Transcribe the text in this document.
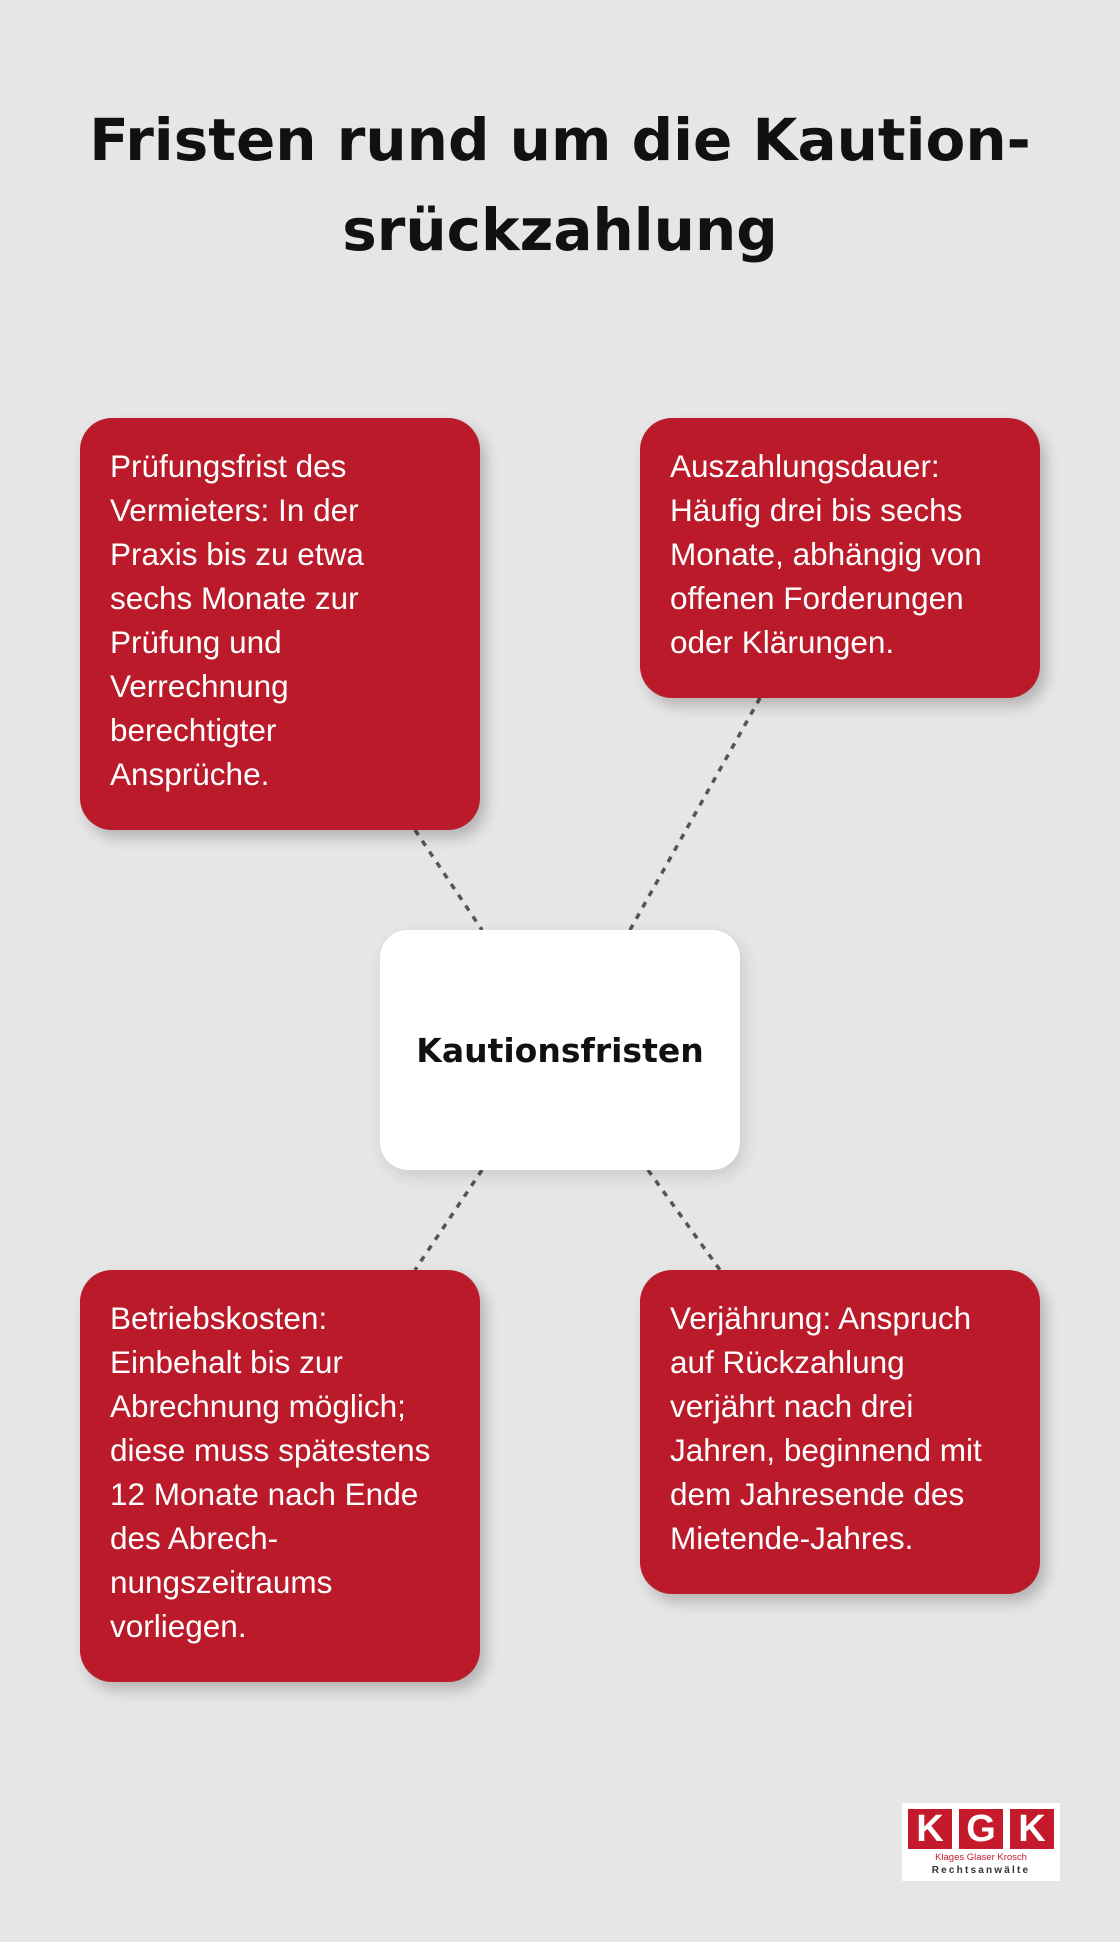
Fristen rund um die Kaution-
srückzahlung
Prüfungsfrist des
Vermieters: In der
Praxis bis zu etwa
sechs Monate zur
Prüfung und
Verrechnung
berechtigter
Ansprüche.
Auszahlungsdauer:
Häufig drei bis sechs
Monate, abhängig von
offenen Forderungen
oder Klärungen.
Betriebskosten:
Einbehalt bis zur
Abrechnung möglich;
diese muss spätestens
12 Monate nach Ende
des Abrech-
nungszeitraums
vorliegen.
Verjährung: Anspruch
auf Rückzahlung
verjährt nach drei
Jahren, beginnend mit
dem Jahresende des
Mietende-Jahres.
Kautionsfristen
K G K
Klages Glaser Krosch
Rechtsanwälte
